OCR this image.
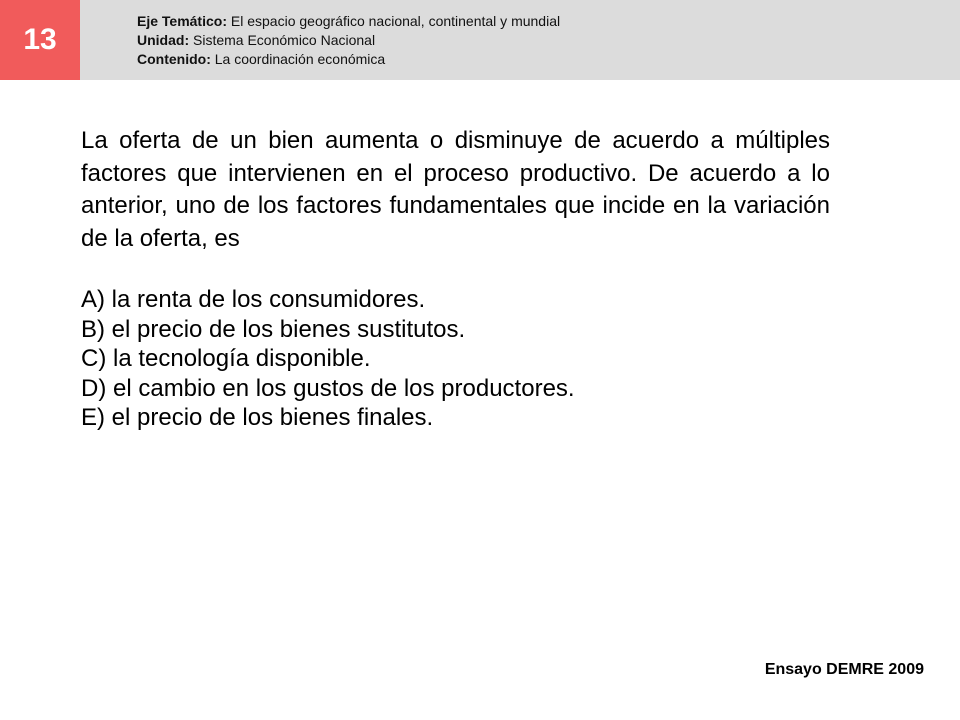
13
Eje Temático: El espacio geográfico nacional, continental y mundial
Unidad: Sistema Económico Nacional
Contenido: La coordinación económica
La oferta de un bien aumenta o disminuye de acuerdo a múltiples factores que intervienen en el proceso productivo. De acuerdo a lo anterior, uno de los factores fundamentales que incide en la variación de la oferta, es
A) la renta de los consumidores.
B) el precio de los bienes sustitutos.
C) la tecnología disponible.
D) el cambio en los gustos de los productores.
E) el precio de los bienes finales.
Ensayo DEMRE 2009
